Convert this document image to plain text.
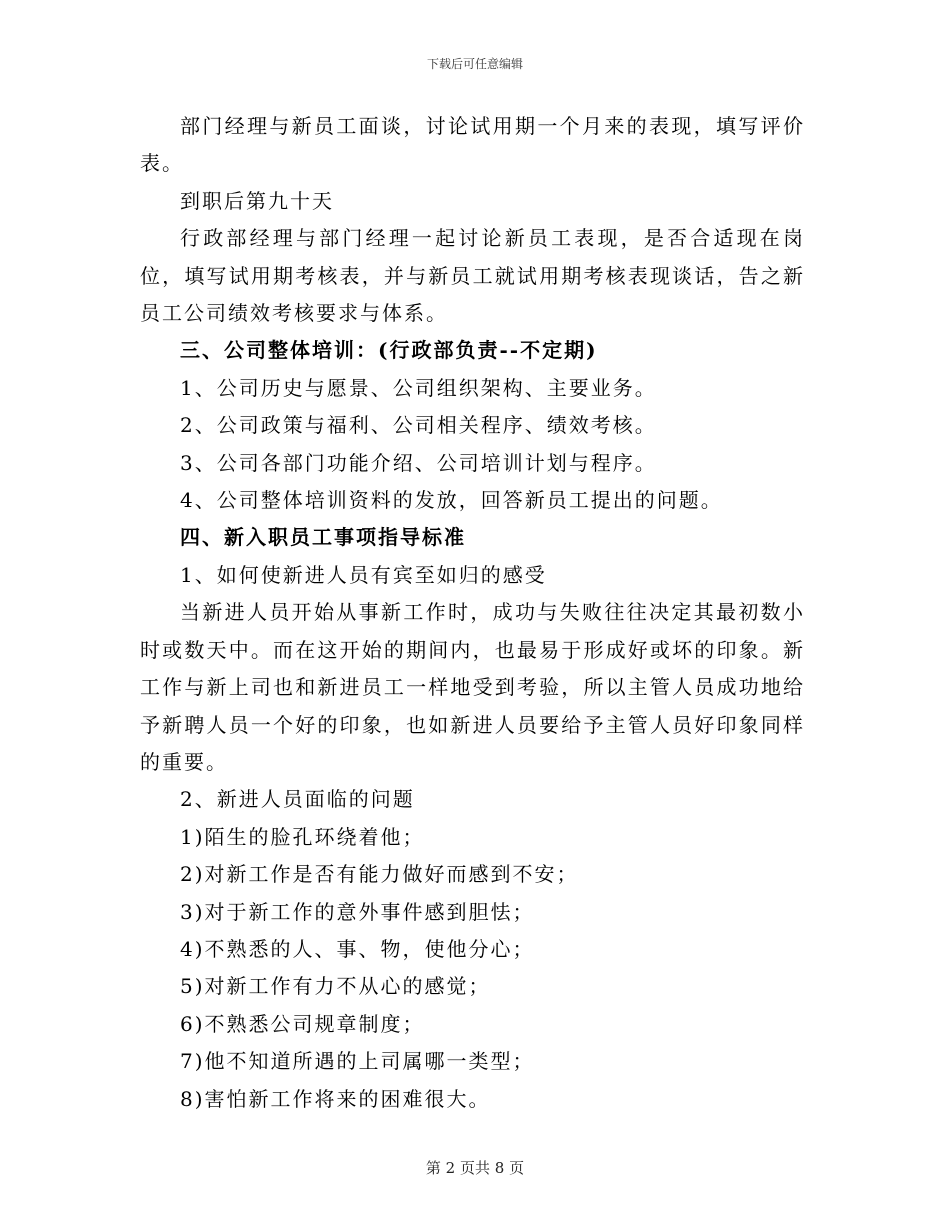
下载后可任意编辑

部门经理与新员工面谈，讨论试用期一个月来的表现，填写评价表。

到职后第九十天

行政部经理与部门经理一起讨论新员工表现，是否合适现在岗位，填写试用期考核表，并与新员工就试用期考核表现谈话，告之新员工公司绩效考核要求与体系。

三、公司整体培训：(行政部负责--不定期)

1、公司历史与愿景、公司组织架构、主要业务。

2、公司政策与福利、公司相关程序、绩效考核。

3、公司各部门功能介绍、公司培训计划与程序。

4、公司整体培训资料的发放，回答新员工提出的问题。

四、新入职员工事项指导标准

1、如何使新进人员有宾至如归的感受

当新进人员开始从事新工作时，成功与失败往往决定其最初数小时或数天中。而在这开始的期间内，也最易于形成好或坏的印象。新工作与新上司也和新进员工一样地受到考验，所以主管人员成功地给予新聘人员一个好的印象，也如新进人员要给予主管人员好印象同样的重要。

2、新进人员面临的问题

1)陌生的脸孔环绕着他；

2)对新工作是否有能力做好而感到不安；

3)对于新工作的意外事件感到胆怯；

4)不熟悉的人、事、物，使他分心；

5)对新工作有力不从心的感觉；

6)不熟悉公司规章制度；

7)他不知道所遇的上司属哪一类型；

8)害怕新工作将来的困难很大。

第 2 页共 8 页
